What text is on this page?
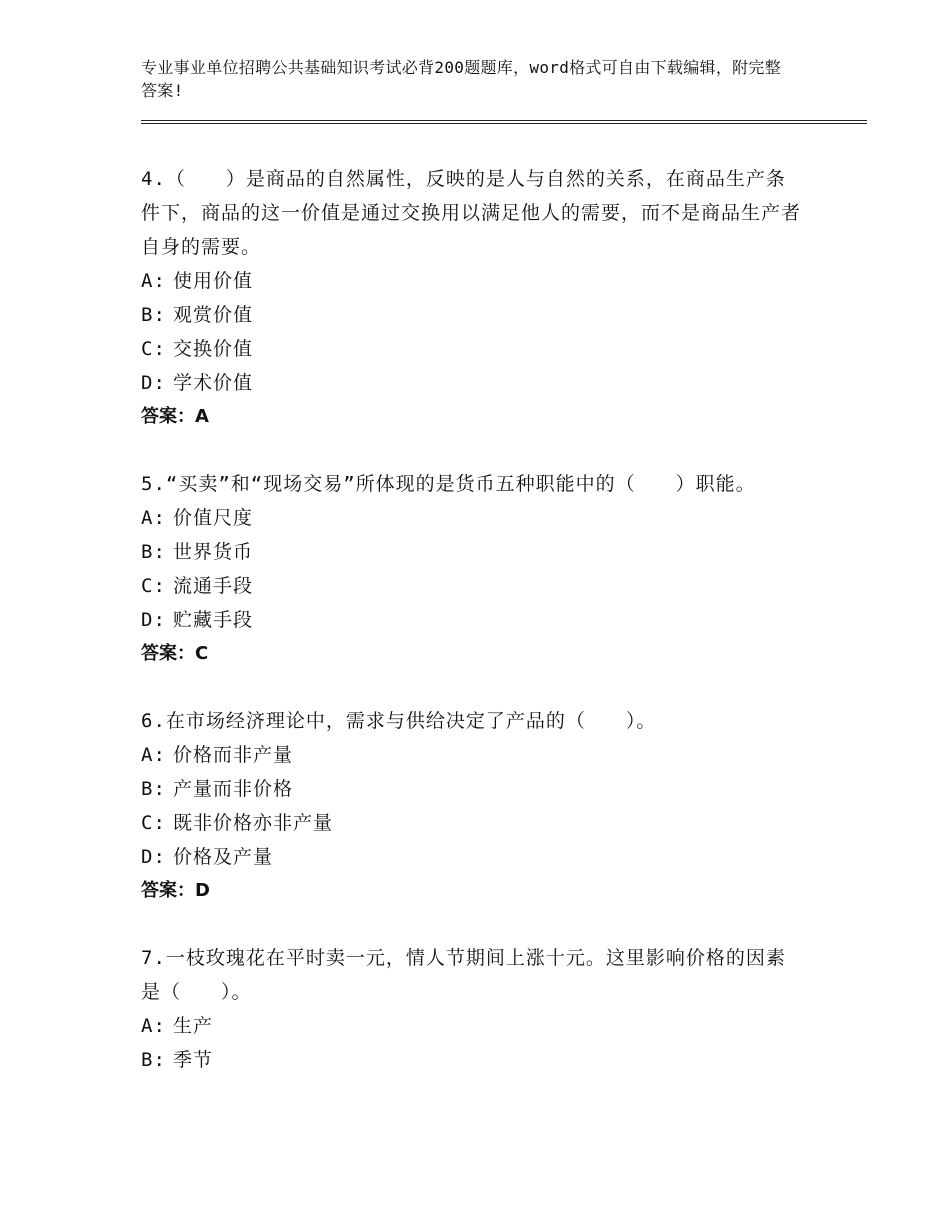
专业事业单位招聘公共基础知识考试必背200题题库，word格式可自由下载编辑，附完整答案!

4.（　　）是商品的自然属性，反映的是人与自然的关系，在商品生产条件下，商品的这一价值是通过交换用以满足他人的需要，而不是商品生产者自身的需要。

A: 使用价值

B: 观赏价值

C: 交换价值

D: 学术价值

答案：A

5.“买卖”和“现场交易”所体现的是货币五种职能中的（　　）职能。

A: 价值尺度

B: 世界货币

C: 流通手段

D: 贮藏手段

答案：C

6.在市场经济理论中，需求与供给决定了产品的（　　）。

A: 价格而非产量

B: 产量而非价格

C: 既非价格亦非产量

D: 价格及产量

答案：D

7.一枝玫瑰花在平时卖一元，情人节期间上涨十元。这里影响价格的因素是（　　）。

A: 生产

B: 季节
